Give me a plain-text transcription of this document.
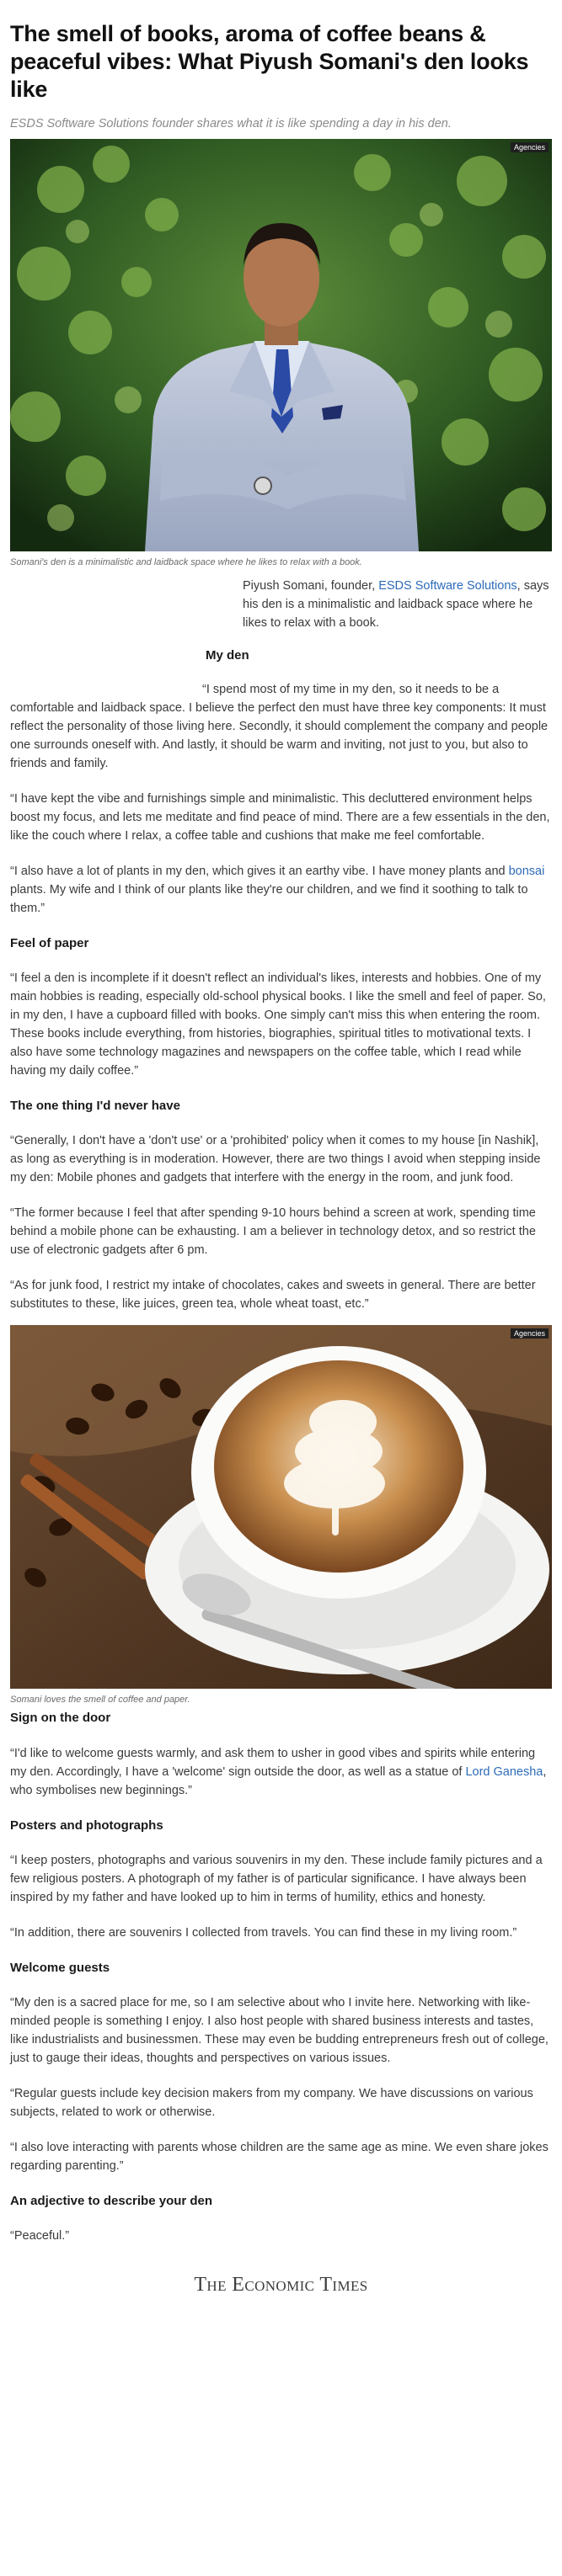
The smell of books, aroma of coffee beans & peaceful vibes: What Piyush Somani's den looks like
ESDS Software Solutions founder shares what it is like spending a day in his den.
Agencies
Somani's den is a minimalistic and laidback space where he likes to relax with a book.

Piyush Somani, founder, ESDS Software Solutions, says his den is a minimalistic and laidback space where he likes to relax with a book.

My den

“I spend most of my time in my den, so it needs to be a comfortable and laidback space. I believe the perfect den must have three key components: It must reflect the personality of those living here. Secondly, it should complement the company and people one surrounds oneself with. And lastly, it should be warm and inviting, not just to you, but also to friends and family.

“I have kept the vibe and furnishings simple and minimalistic. This decluttered environment helps boost my focus, and lets me meditate and find peace of mind. There are a few essentials in the den, like the couch where I relax, a coffee table and cushions that make me feel comfortable.

“I also have a lot of plants in my den, which gives it an earthy vibe. I have money plants and bonsai plants. My wife and I think of our plants like they're our children, and we find it soothing to talk to them.”

Feel of paper

“I feel a den is incomplete if it doesn't reflect an individual's likes, interests and hobbies. One of my main hobbies is reading, especially old-school physical books. I like the smell and feel of paper. So, in my den, I have a cupboard filled with books. One simply can't miss this when entering the room. These books include everything, from histories, biographies, spiritual titles to motivational texts. I also have some technology magazines and newspapers on the coffee table, which I read while having my daily coffee.”

The one thing I'd never have

“Generally, I don't have a 'don't use' or a 'prohibited' policy when it comes to my house [in Nashik], as long as everything is in moderation. However, there are two things I avoid when stepping inside my den: Mobile phones and gadgets that interfere with the energy in the room, and junk food.

“The former because I feel that after spending 9-10 hours behind a screen at work, spending time behind a mobile phone can be exhausting. I am a believer in technology detox, and so restrict the use of electronic gadgets after 6 pm.

“As for junk food, I restrict my intake of chocolates, cakes and sweets in general. There are better substitutes to these, like juices, green tea, whole wheat toast, etc.”

Agencies
Somani loves the smell of coffee and paper.
Sign on the door

“I'd like to welcome guests warmly, and ask them to usher in good vibes and spirits while entering my den. Accordingly, I have a 'welcome' sign outside the door, as well as a statue of Lord Ganesha, who symbolises new beginnings.”

Posters and photographs

“I keep posters, photographs and various souvenirs in my den. These include family pictures and a few religious posters. A photograph of my father is of particular significance. I have always been inspired by my father and have looked up to him in terms of humility, ethics and honesty.

“In addition, there are souvenirs I collected from travels. You can find these in my living room.”

Welcome guests

“My den is a sacred place for me, so I am selective about who I invite here. Networking with like-minded people is something I enjoy. I also host people with shared business interests and tastes, like industrialists and businessmen. These may even be budding entrepreneurs fresh out of college, just to gauge their ideas, thoughts and perspectives on various issues.

“Regular guests include key decision makers from my company. We have discussions on various subjects, related to work or otherwise.

“I also love interacting with parents whose children are the same age as mine. We even share jokes regarding parenting.”

An adjective to describe your den

“Peaceful.”

The Economic Times
